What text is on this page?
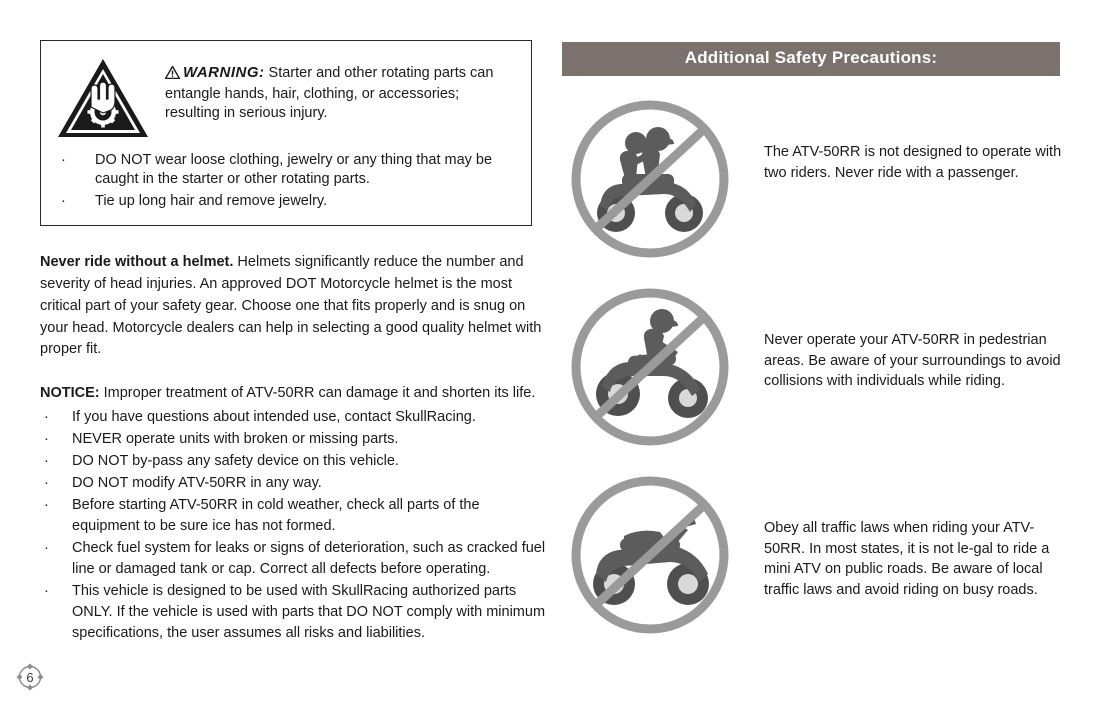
WARNING: Starter and other rotating parts can entangle hands, hair, clothing, or accessories; resulting in serious injury.
·	DO NOT wear loose clothing, jewelry or any thing that may be caught in the starter or other rotating parts.
·	Tie up long hair and remove jewelry.
Never ride without a helmet. Helmets significantly reduce the number and severity of head injuries. An approved DOT Motorcycle helmet is the most critical part of your safety gear. Choose one that fits properly and is snug on your head. Motorcycle dealers can help in selecting a good quality helmet with proper fit.
NOTICE: Improper treatment of ATV-50RR can damage it and shorten its life.
·	If you have questions about intended use, contact SkullRacing.
·	NEVER operate units with broken or missing parts.
·	DO NOT by-pass any safety device on this vehicle.
·	DO NOT modify ATV-50RR in any way.
·	Before starting ATV-50RR in cold weather, check all parts of the equipment to be sure ice has not formed.
·	Check fuel system for leaks or signs of deterioration, such as cracked fuel line or damaged tank or cap. Correct all defects before operating.
·	This vehicle is designed to be used with SkullRacing authorized parts ONLY. If the vehicle is used with parts that DO NOT comply with minimum specifications, the user assumes all risks and liabilities.
Additional Safety Precautions:
The ATV-50RR is not designed to operate with two riders. Never ride with a passenger.
Never operate your ATV-50RR in pedestrian areas. Be aware of your surroundings to avoid collisions with individuals while riding.
Obey all traffic laws when riding your ATV-50RR. In most states, it is not le-gal to ride a mini ATV on public roads. Be aware of local traffic laws and avoid riding on busy roads.
6
